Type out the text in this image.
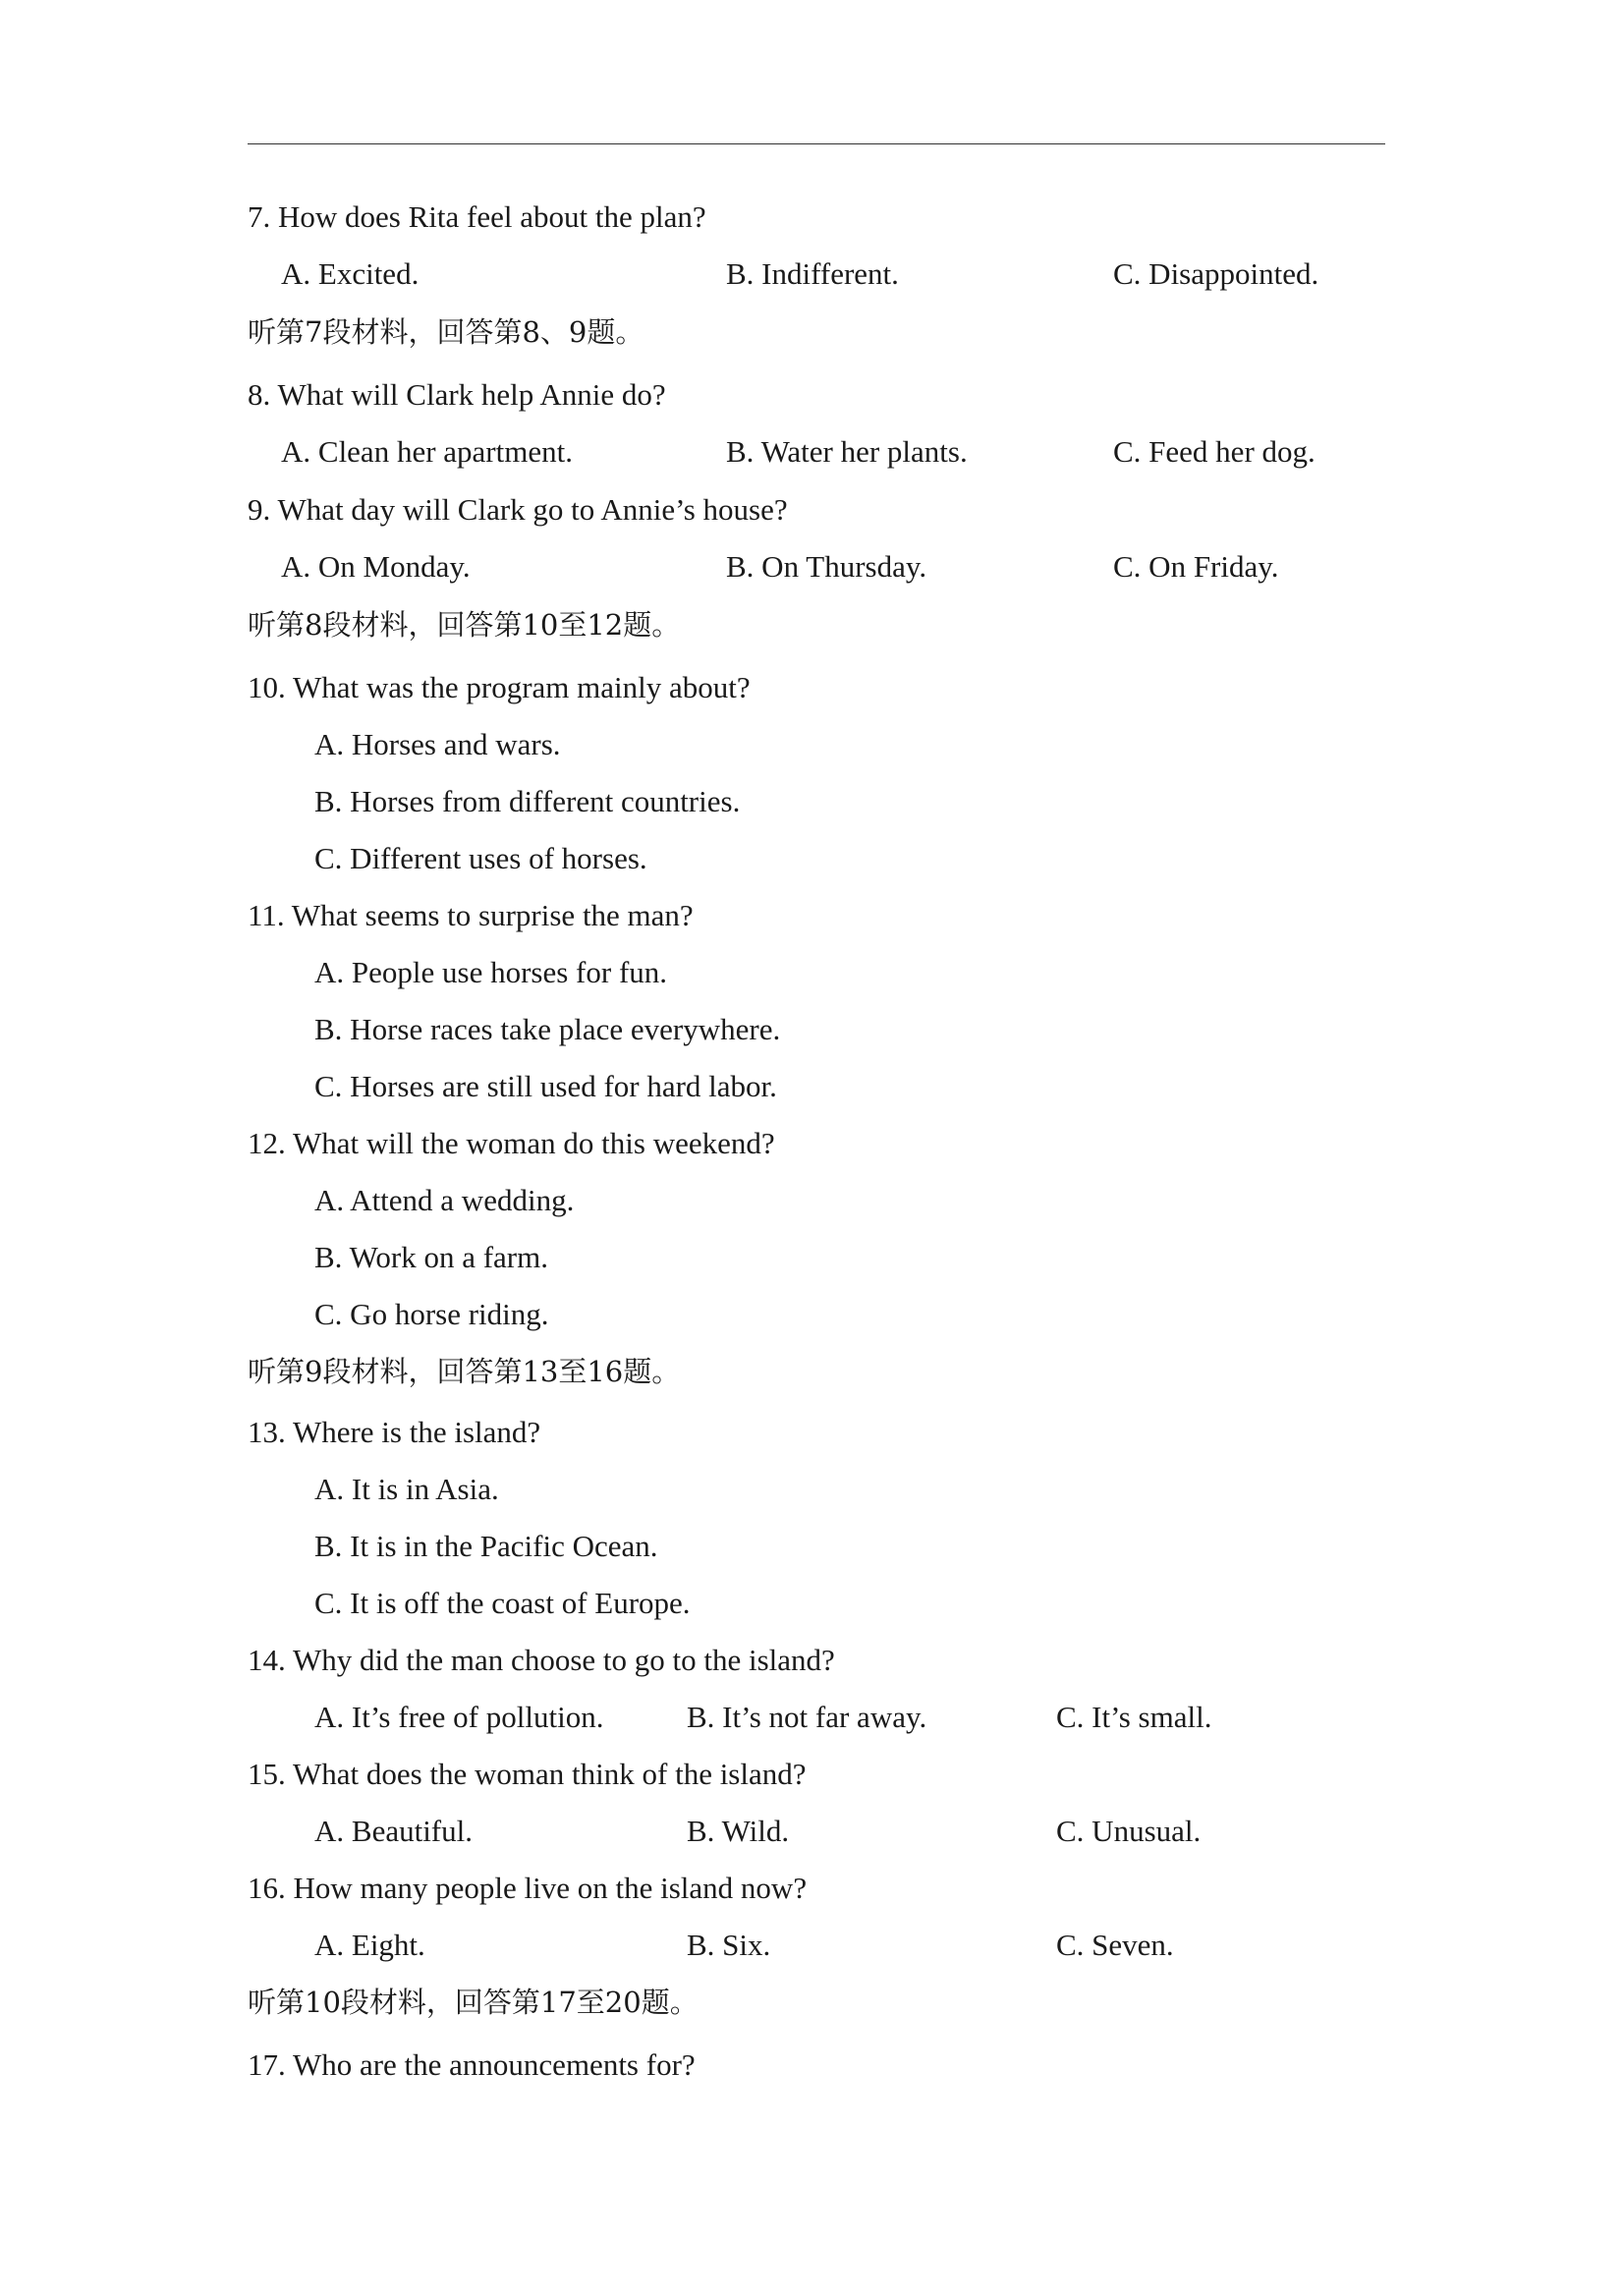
7. How does Rita feel about the plan?
A. Excited.	B. Indifferent.	C. Disappointed.
听第7段材料，回答第8、9题。
8. What will Clark help Annie do?
A. Clean her apartment.	B. Water her plants.	C. Feed her dog.
9. What day will Clark go to Annie’s house?
A. On Monday.	B. On Thursday.	C. On Friday.
听第8段材料，回答第10至12题。
10. What was the program mainly about?
A. Horses and wars.
B. Horses from different countries.
C. Different uses of horses.
11. What seems to surprise the man?
A. People use horses for fun.
B. Horse races take place everywhere.
C. Horses are still used for hard labor.
12. What will the woman do this weekend?
A. Attend a wedding.
B. Work on a farm.
C. Go horse riding.
听第9段材料，回答第13至16题。
13. Where is the island?
A. It is in Asia.
B. It is in the Pacific Ocean.
C. It is off the coast of Europe.
14. Why did the man choose to go to the island?
A. It’s free of pollution.	B. It’s not far away.	C. It’s small.
15. What does the woman think of the island?
A. Beautiful.	B. Wild.	C. Unusual.
16. How many people live on the island now?
A. Eight.	B. Six.	C. Seven.
听第10段材料，回答第17至20题。
17. Who are the announcements for?
